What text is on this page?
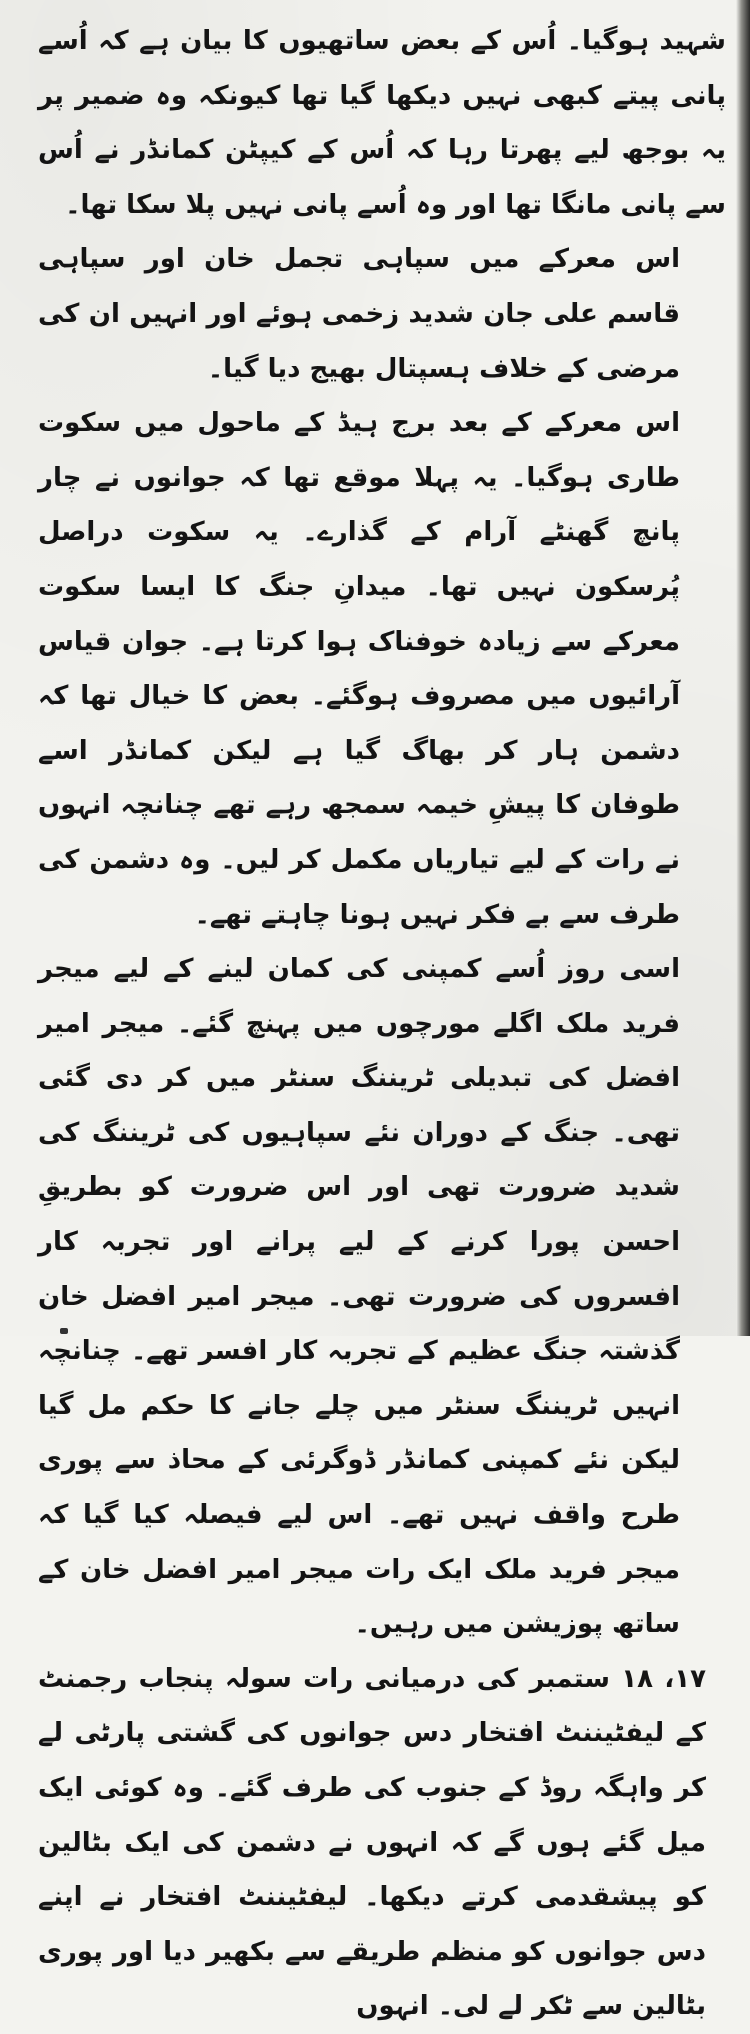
شہید ہوگیا۔ اُس کے بعض ساتھیوں کا بیان ہے کہ اُسے پانی پیتے کبھی نہیں دیکھا گیا تھا کیونکہ وہ ضمیر پر یہ بوجھ لیے پھرتا رہا کہ اُس کے کیپٹن کمانڈر نے اُس سے پانی مانگا تھا اور وہ اُسے پانی نہیں پلا سکا تھا۔

اس معرکے میں سپاہی تجمل خان اور سپاہی قاسم علی جان شدید زخمی ہوئے اور انہیں ان کی مرضی کے خلاف ہسپتال بھیج دیا گیا۔

اس معرکے کے بعد برج ہیڈ کے ماحول میں سکوت طاری ہوگیا۔ یہ پہلا موقع تھا کہ جوانوں نے چار پانچ گھنٹے آرام کے گذارے۔ یہ سکوت دراصل پُرسکون نہیں تھا۔ میدانِ جنگ کا ایسا سکوت معرکے سے زیادہ خوفناک ہوا کرتا ہے۔ جوان قیاس آرائیوں میں مصروف ہوگئے۔ بعض کا خیال تھا کہ دشمن ہار کر بھاگ گیا ہے لیکن کمانڈر اسے طوفان کا پیشِ خیمہ سمجھ رہے تھے چنانچہ انہوں نے رات کے لیے تیاریاں مکمل کر لیں۔ وہ دشمن کی طرف سے بے فکر نہیں ہونا چاہتے تھے۔

اسی روز اُسے کمپنی کی کمان لینے کے لیے میجر فرید ملک اگلے مورچوں میں پہنچ گئے۔ میجر امیر افضل کی تبدیلی ٹریننگ سنٹر میں کر دی گئی تھی۔ جنگ کے دوران نئے سپاہیوں کی ٹریننگ کی شدید ضرورت تھی اور اس ضرورت کو بطریقِ احسن پورا کرنے کے لیے پرانے اور تجربہ کار افسروں کی ضرورت تھی۔ میجر امیر افضل خان گذشتہ جنگ عظیم کے تجربہ کار افسر تھے۔ چنانچہ انہیں ٹریننگ سنٹر میں چلے جانے کا حکم مل گیا لیکن نئے کمپنی کمانڈر ڈوگرئی کے محاذ سے پوری طرح واقف نہیں تھے۔ اس لیے فیصلہ کیا گیا کہ میجر فرید ملک ایک رات میجر امیر افضل خان کے ساتھ پوزیشن میں رہیں۔

۱۷، ۱۸ ستمبر کی درمیانی رات سولہ پنجاب رجمنٹ کے لیفٹیننٹ افتخار دس جوانوں کی گشتی پارٹی لے کر واہگہ روڈ کے جنوب کی طرف گئے۔ وہ کوئی ایک میل گئے ہوں گے کہ انہوں نے دشمن کی ایک بٹالین کو پیشقدمی کرتے دیکھا۔ لیفٹیننٹ افتخار نے اپنے دس جوانوں کو منظم طریقے سے بکھیر دیا اور پوری بٹالین سے ٹکر لے لی۔ انہوں
